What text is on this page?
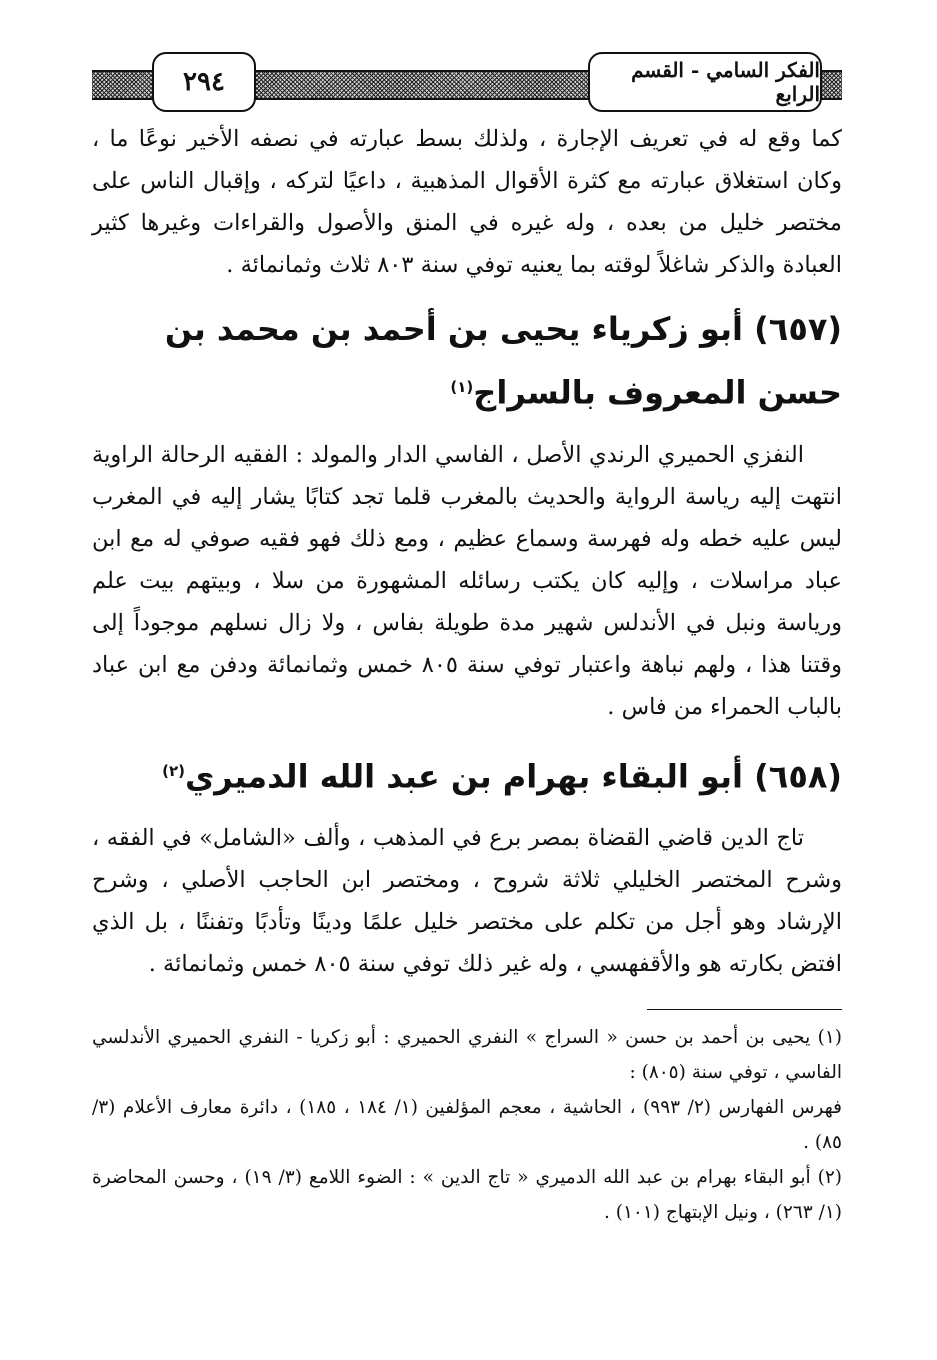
الفكر السامي - القسم الرابع
٢٩٤

كما وقع له في تعريف الإجارة ، ولذلك بسط عبارته في نصفه الأخير نوعًا ما ، وكان استغلاق عبارته مع كثرة الأقوال المذهبية ، داعيًا لتركه ، وإقبال الناس على مختصر خليل من بعده ، وله غيره في المنق والأصول والقراءات وغيرها كثير العبادة والذكر شاغلاً لوقته بما يعنيه توفي سنة ٨٠٣ ثلاث وثمانمائة .

(٦٥٧) أبو زكرياء يحيى بن أحمد بن محمد بن حسن المعروف بالسراج$^{(١)}$

النفزي الحميري الرندي الأصل ، الفاسي الدار والمولد : الفقيه الرحالة الراوية انتهت إليه رياسة الرواية والحديث بالمغرب قلما تجد كتابًا يشار إليه في المغرب ليس عليه خطه وله فهرسة وسماع عظيم ، ومع ذلك فهو فقيه صوفي له مع ابن عباد مراسلات ، وإليه كان يكتب رسائله المشهورة من سلا ، وبيتهم بيت علم ورياسة ونبل في الأندلس شهير مدة طويلة بفاس ، ولا زال نسلهم موجوداً إلى وقتنا هذا ، ولهم نباهة واعتبار توفي سنة ٨٠٥ خمس وثمانمائة ودفن مع ابن عباد بالباب الحمراء من فاس .

(٦٥٨) أبو البقاء بهرام بن عبد الله الدميري$^{(٢)}$

تاج الدين قاضي القضاة بمصر برع في المذهب ، وألف «الشامل» في الفقه ، وشرح المختصر الخليلي ثلاثة شروح ، ومختصر ابن الحاجب الأصلي ، وشرح الإرشاد وهو أجل من تكلم على مختصر خليل علمًا ودينًا وتأدبًا وتفننًا ، بل الذي افتض بكارته هو والأقفهسي ، وله غير ذلك توفي سنة ٨٠٥ خمس وثمانمائة .

(١) يحيى بن أحمد بن حسن « السراج » النفري الحميري : أبو زكريا - النفري الحميري الأندلسي الفاسي ، توفي سنة (٨٠٥) :

فهرس الفهارس (٢/ ٩٩٣) ، الحاشية ، معجم المؤلفين (١/ ١٨٤ ، ١٨٥) ، دائرة معارف الأعلام (٣/ ٨٥) .

(٢) أبو البقاء بهرام بن عبد الله الدميري « تاج الدين » : الضوء اللامع (٣/ ١٩) ، وحسن المحاضرة (١/ ٢٦٣) ، ونيل الإبتهاج (١٠١) .
